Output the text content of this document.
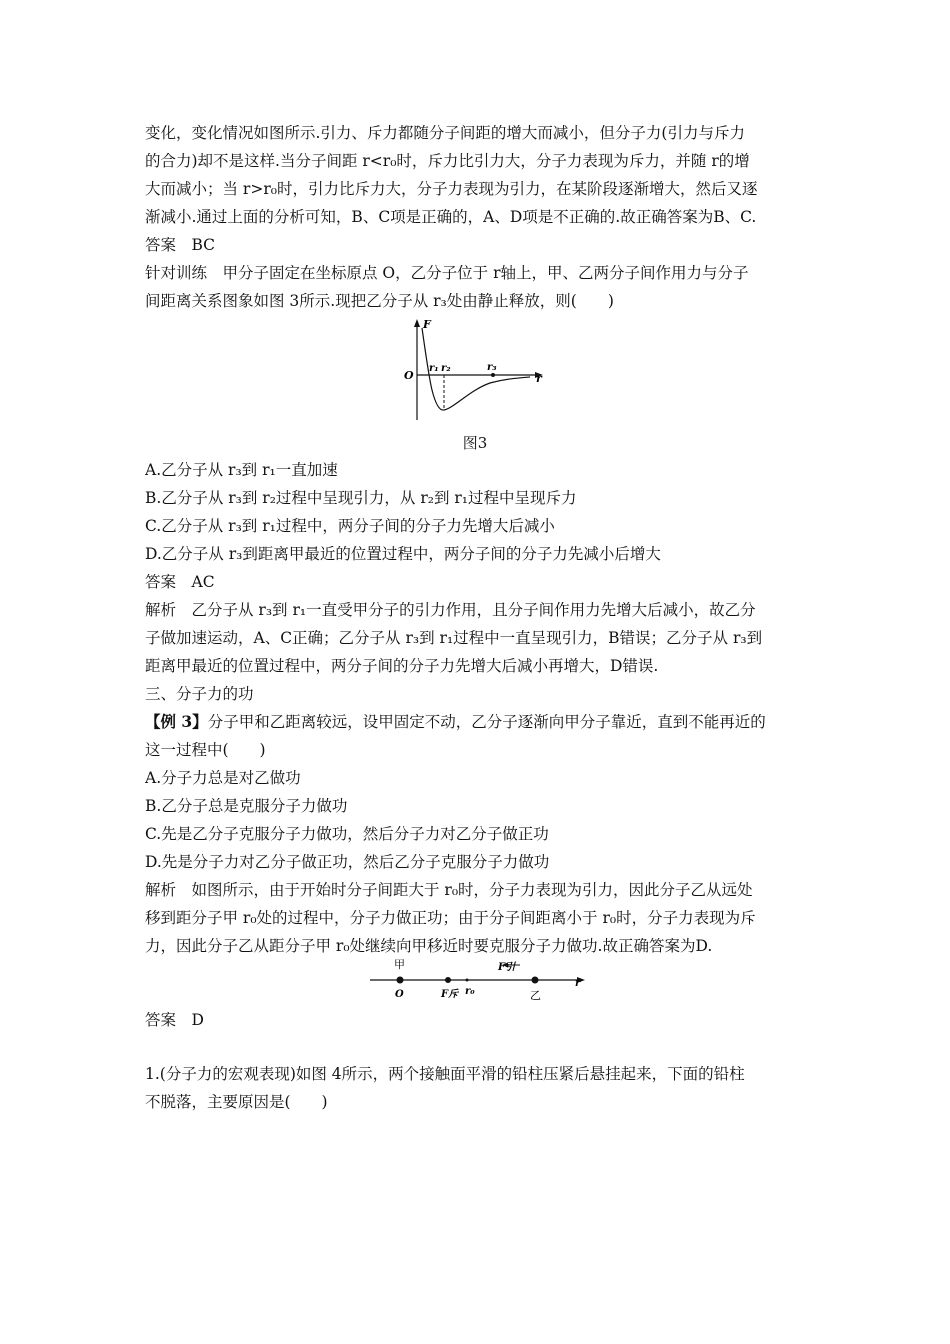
变化，变化情况如图所示.引力、斥力都随分子间距的增大而减小，但分子力(引力与斥力
的合力)却不是这样.当分子间距 r<r₀时，斥力比引力大，分子力表现为斥力，并随 r的增
大而减小；当 r>r₀时，引力比斥力大，分子力表现为引力，在某阶段逐渐增大，然后又逐
渐减小.通过上面的分析可知，B、C项是正确的，A、D项是不正确的.故正确答案为B、C.
答案　BC
针对训练　甲分子固定在坐标原点 O，乙分子位于 r轴上，甲、乙两分子间作用力与分子
间距离关系图象如图 3所示.现把乙分子从 r₃处由静止释放，则(　　)
F
O
r₁ r₂	r₃
r
图3
A.乙分子从 r₃到 r₁一直加速
B.乙分子从 r₃到 r₂过程中呈现引力，从 r₂到 r₁过程中呈现斥力
C.乙分子从 r₃到 r₁过程中，两分子间的分子力先增大后减小
D.乙分子从 r₃到距离甲最近的位置过程中，两分子间的分子力先减小后增大
答案　AC
解析　乙分子从 r₃到 r₁一直受甲分子的引力作用，且分子间作用力先增大后减小，故乙分
子做加速运动，A、C正确；乙分子从 r₃到 r₁过程中一直呈现引力，B错误；乙分子从 r₃到
距离甲最近的位置过程中，两分子间的分子力先增大后减小再增大，D错误.
三、分子力的功
【例 3】分子甲和乙距离较远，设甲固定不动，乙分子逐渐向甲分子靠近，直到不能再近的
这一过程中(　　)
A.分子力总是对乙做功
B.乙分子总是克服分子力做功
C.先是乙分子克服分子力做功，然后分子力对乙分子做正功
D.先是分子力对乙分子做正功，然后乙分子克服分子力做功
解析　如图所示，由于开始时分子间距大于 r₀时，分子力表现为引力，因此分子乙从远处
移到距分子甲 r₀处的过程中，分子力做正功；由于分子间距离小于 r₀时，分子力表现为斥
力，因此分子乙从距分子甲 r₀处继续向甲移近时要克服分子力做功.故正确答案为D.
甲
O	F斥 r₀
F引
乙
r
答案　D
1.(分子力的宏观表现)如图 4所示，两个接触面平滑的铅柱压紧后悬挂起来，下面的铅柱
不脱落，主要原因是(　　)
